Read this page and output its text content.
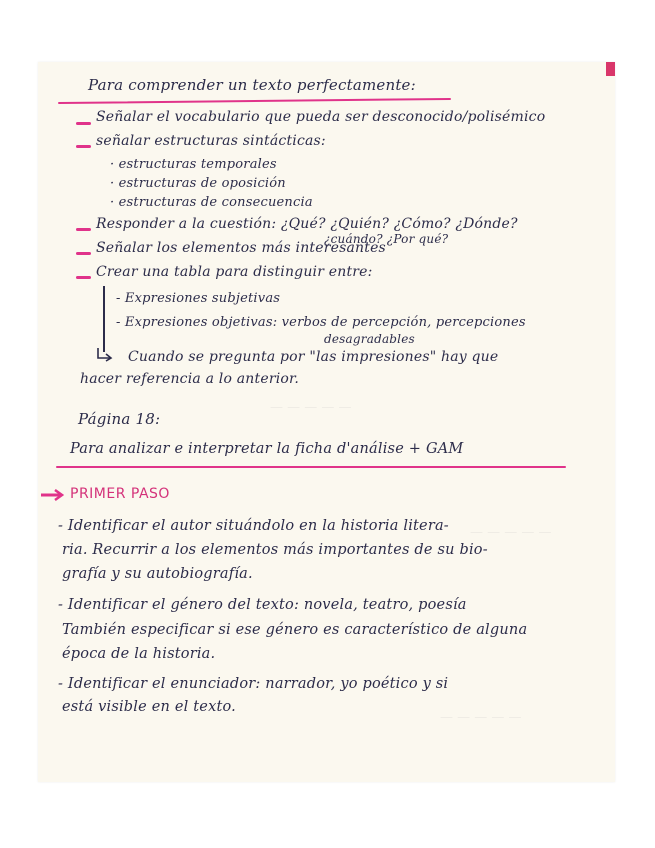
— — — — —
— — — — —
— — — — —
Para comprender un texto perfectamente:
Señalar el vocabulario que pueda ser desconocido/polisémico
señalar estructuras sintácticas:
· estructuras temporales
· estructuras de oposición
· estructuras de consecuencia
Responder a la cuestión: ¿Qué? ¿Quién? ¿Cómo? ¿Dónde?
¿cuándo? ¿Por qué?
Señalar los elementos más interesantes
Crear una tabla para distinguir entre:
- Expresiones subjetivas
- Expresiones objetivas: verbos de percepción, percepciones
desagradables
Cuando se pregunta por "las impresiones" hay que
hacer referencia a lo anterior.
Página 18:
Para analizar e interpretar la ficha d'análise + GAM
PRIMER PASO
- Identificar el autor situándolo en la historia litera-
ria. Recurrir a los elementos más importantes de su bio-
grafía y su autobiografía.
- Identificar el género del texto: novela, teatro, poesía
También especificar si ese género es característico de alguna
época de la historia.
- Identificar el enunciador: narrador, yo poético y si
está visible en el texto.
